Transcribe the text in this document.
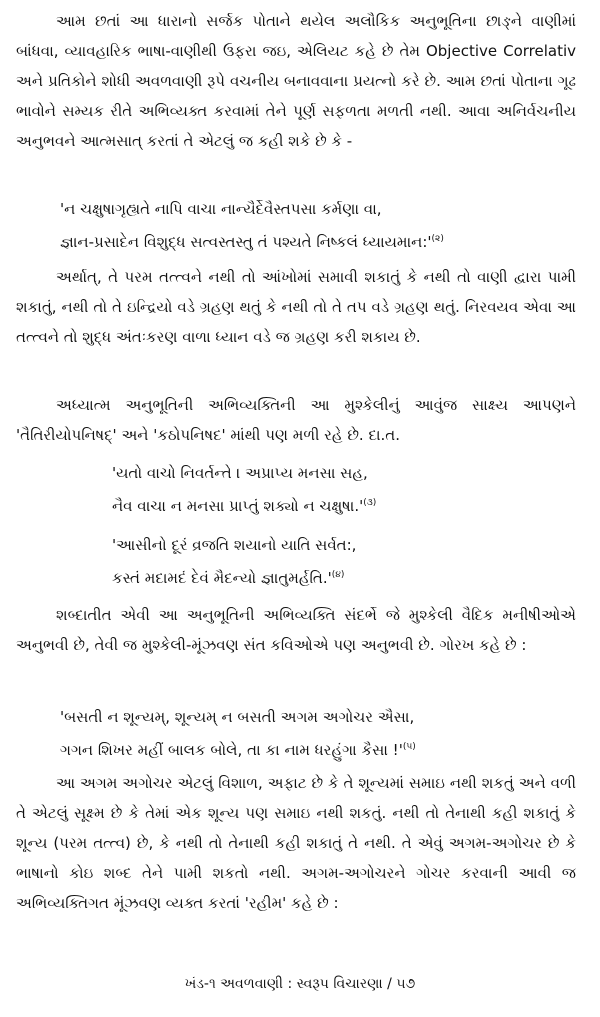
આમ છતાં આ ધારાનો સર્જક પોતાને થયેલ અલૌકિક અનુભૂતિના છાઙ્ને વાણીમાં બાંધવા, વ્યાવહારિક ભાષા-વાણીથી ઉફરા જઇ, એલિયટ કહે છે તેમ Objective Correlativ અને પ્રતિકોને શોધી અવળવાણી રૂપે વચનીય બનાવવાના પ્રયત્નો કરે છે. આમ છતાં પોતાના ગૂઢ ભાવોને સમ્યક રીતે અભિવ્યક્ત કરવામાં તેને પૂર્ણ સફળતા મળતી નથી. આવા અનિર્વચનીય અનુભવને આત્મસાત્ કરતાં તે એટલું જ કહી શકે છે કે -

'ન ચક્ષુષાગૃહ્યતે નાપિ વાચા નાન્યૈર્દેવૈસ્તપસા કર્મણા વા,

જ્ઞાન-પ્રસાદેન વિશુદ્ધ સત્વસ્તસ્તુ તં પશ્યતે નિષ્કલં $ધ્યાયમાન:'^{(૨)}$

અર્થાત્, તે પરમ તત્ત્વને નથી તો આંખોમાં સમાવી શકાતું કે નથી તો વાણી દ્વારા પામી શકાતું, નથી તો તે ઇન્દ્રિયો વડે ગ્રહણ થતું કે નથી તો તે તપ વડે ગ્રહણ થતું. નિરવયવ એવા આ તત્ત્વને તો શુદ્ધ અંતઃકરણ વાળા ધ્યાન વડે જ ગ્રહણ કરી શકાય છે.

અધ્યાત્મ અનુભૂતિની અભિવ્યક્તિની આ મુશ્કેલીનું આવુંજ સાક્ષ્ય આપણને 'તૈતિરીયોપનિષદ્' અને 'કઠોપનિષદ' માંથી પણ મળી રહે છે. દા.ત.

'યતો વાચો નિવર્તન્તે । અપ્રાપ્ય મનસા સહ,

નૈવ વાચા ન મનસા પ્રાપ્તું શક્યો ન $ચક્ષુષા.'^{(૩)}$

'આસીનો દૂરં વ્રજતિ શયાનો યાતિ સર્વત:,

કસ્તં મદામદં દેવં મૈદન્યો $જ્ઞાતુમર્હતિ.'^{(૪)}$

શબ્દાતીત એવી આ અનુભૂતિની અભિવ્યક્તિ સંદર્ભે જે મુશ્કેલી વૈદિક મનીષીઓએ અનુભવી છે, તેવી જ મુશ્કેલી-મૂંઝવણ સંત કવિઓએ પણ અનુભવી છે. ગોરખ કહે છે :

'બસતી ન શૂન્યમ્, શૂન્યમ્ ન બસતી અગમ અગોચર ઐસા,

ગગન શિખર મહીં બાલક બોલે, તા કા નામ ધરહુંગા કૈસા $!'^{(૫)}$

આ અગમ અગોચર એટલું વિશાળ, અફાટ છે કે તે શૂન્યમાં સમાઇ નથી શકતું અને વળી તે એટલું સૂક્ષ્મ છે કે તેમાં એક શૂન્ય પણ સમાઇ નથી શકતું. નથી તો તેનાથી કહી શકાતું કે શૂન્ય (પરમ તત્ત્વ) છે, કે નથી તો તેનાથી કહી શકાતું તે નથી. તે એવું અગમ-અગોચર છે કે ભાષાનો કોઇ શબ્દ તેને પામી શકતો નથી. અગમ-અગોચરને ગોચર કરવાની આવી જ અભિવ્યક્તિગત મૂંઝવણ વ્યક્ત કરતાં 'રહીમ' કહે છે :

ખંડ-૧ અવળવાણી : સ્વરૂપ વિચારણા / ૫૭
